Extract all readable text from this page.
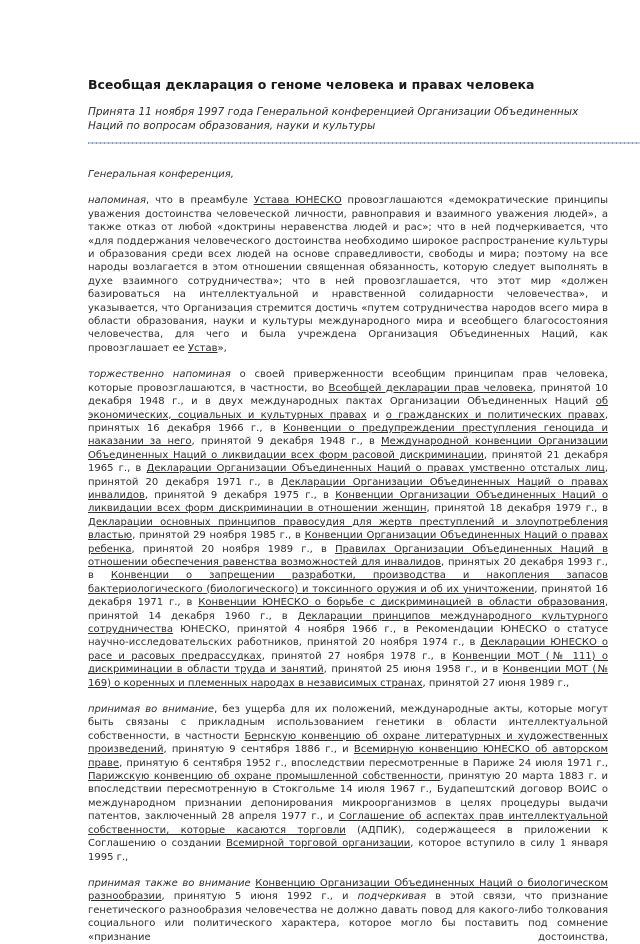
Всеобщая декларация о геноме человека и правах человека

Принята 11 ноября 1997 года Генеральной конференцией Организации Объединенных Наций по вопросам образования, науки и культуры

Генеральная конференция,

напоминая, что в преамбуле Устава ЮНЕСКО провозглашаются «демократические принципы уважения достоинства человеческой личности, равноправия и взаимного уважения людей», а также отказ от любой «доктрины неравенства людей и рас»; что в ней подчеркивается, что «для поддержания человеческого достоинства необходимо широкое распространение культуры и образования среди всех людей на основе справедливости, свободы и мира; поэтому на все народы возлагается в этом отношении священная обязанность, которую следует выполнять в духе взаимного сотрудничества»; что в ней провозглашается, что этот мир «должен базироваться на интеллектуальной и нравственной солидарности человечества», и указывается, что Организация стремится достичь «путем сотрудничества народов всего мира в области образования, науки и культуры международного мира и всеобщего благосостояния человечества, для чего и была учреждена Организация Объединенных Наций, как провозглашает ее Устав»,

торжественно напоминая о своей приверженности всеобщим принципам прав человека, которые провозглашаются, в частности, во Всеобщей декларации прав человека, принятой 10 декабря 1948 г., и в двух международных пактах Организации Объединенных Наций об экономических, социальных и культурных правах и о гражданских и политических правах, принятых 16 декабря 1966 г., в Конвенции о предупреждении преступления геноцида и наказании за него, принятой 9 декабря 1948 г., в Международной конвенции Организации Объединенных Наций о ликвидации всех форм расовой дискриминации, принятой 21 декабря 1965 г., в Декларации Организации Объединенных Наций о правах умственно отсталых лиц, принятой 20 декабря 1971 г., в Декларации Организации Объединенных Наций о правах инвалидов, принятой 9 декабря 1975 г., в Конвенции Организации Объединенных Наций о ликвидации всех форм дискриминации в отношении женщин, принятой 18 декабря 1979 г., в Декларации основных принципов правосудия для жертв преступлений и злоупотребления властью, принятой 29 ноября 1985 г., в Конвенции Организации Объединенных Наций о правах ребенка, принятой 20 ноября 1989 г., в Правилах Организации Объединенных Наций в отношении обеспечения равенства возможностей для инвалидов, принятых 20 декабря 1993 г., в Конвенции о запрещении разработки, производства и накопления запасов бактериологического (биологического) и токсинного оружия и об их уничтожении, принятой 16 декабря 1971 г., в Конвенции ЮНЕСКО о борьбе с дискриминацией в области образования, принятой 14 декабря 1960 г., в Декларации принципов международного культурного сотрудничества ЮНЕСКО, принятой 4 ноября 1966 г., в Рекомендации ЮНЕСКО о статусе научно-исследовательских работников, принятой 20 ноября 1974 г., в Декларации ЮНЕСКО о расе и расовых предрассудках, принятой 27 ноября 1978 г., в Конвенции МОТ (№ 111) о дискриминации в области труда и занятий, принятой 25 июня 1958 г., и в Конвенции МОТ (№ 169) о коренных и племенных народах в независимых странах, принятой 27 июня 1989 г.,

принимая во внимание, без ущерба для их положений, международные акты, которые могут быть связаны с прикладным использованием генетики в области интеллектуальной собственности, в частности Бернскую конвенцию об охране литературных и художественных произведений, принятую 9 сентября 1886 г., и Всемирную конвенцию ЮНЕСКО об авторском праве, принятую 6 сентября 1952 г., впоследствии пересмотренные в Париже 24 июля 1971 г., Парижскую конвенцию об охране промышленной собственности, принятую 20 марта 1883 г. и впоследствии пересмотренную в Стокгольме 14 июля 1967 г., Будапештский договор ВОИС о международном признании депонирования микроорганизмов в целях процедуры выдачи патентов, заключенный 28 апреля 1977 г., и Соглашение об аспектах прав интеллектуальной собственности, которые касаются торговли (АДПИК), содержащееся в приложении к Соглашению о создании Всемирной торговой организации, которое вступило в силу 1 января 1995 г.,

принимая также во внимание Конвенцию Организации Объединенных Наций о биологическом разнообразии, принятую 5 июня 1992 г., и подчеркивая в этой связи, что признание генетического разнообразия человечества не должно давать повод для какого-либо толкования социального или политического характера, которое могло бы поставить под сомнение «признание достоинства,
